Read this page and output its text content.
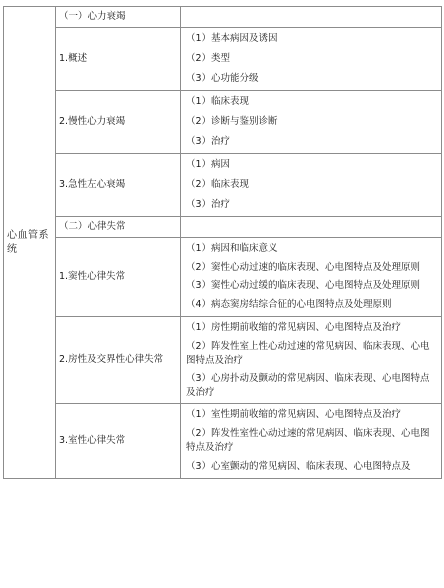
心血管系统	（一）心力衰竭	
	1.概述	（1）基本病因及诱因
（2）类型
（3）心功能分级

	2.慢性心力衰竭	（1）临床表现
（2）诊断与鉴别诊断
（3）治疗

	3.急性左心衰竭	（1）病因
（2）临床表现
（3）治疗

	（二）心律失常	
	1.窦性心律失常	（1）病因和临床意义
（2）窦性心动过速的临床表现、心电图特点及处理原则
（3）窦性心动过缓的临床表现、心电图特点及处理原则
（4）病态窦房结综合征的心电图特点及处理原则

	2.房性及交界性心律失常	（1）房性期前收缩的常见病因、心电图特点及治疗
（2）阵发性室上性心动过速的常见病因、临床表现、心电图特点及治疗
（3）心房扑动及颤动的常见病因、临床表现、心电图特点及治疗

	3.室性心律失常	（1）室性期前收缩的常见病因、心电图特点及治疗
（2）阵发性室性心动过速的常见病因、临床表现、心电图特点及治疗
（3）心室颤动的常见病因、临床表现、心电图特点及
